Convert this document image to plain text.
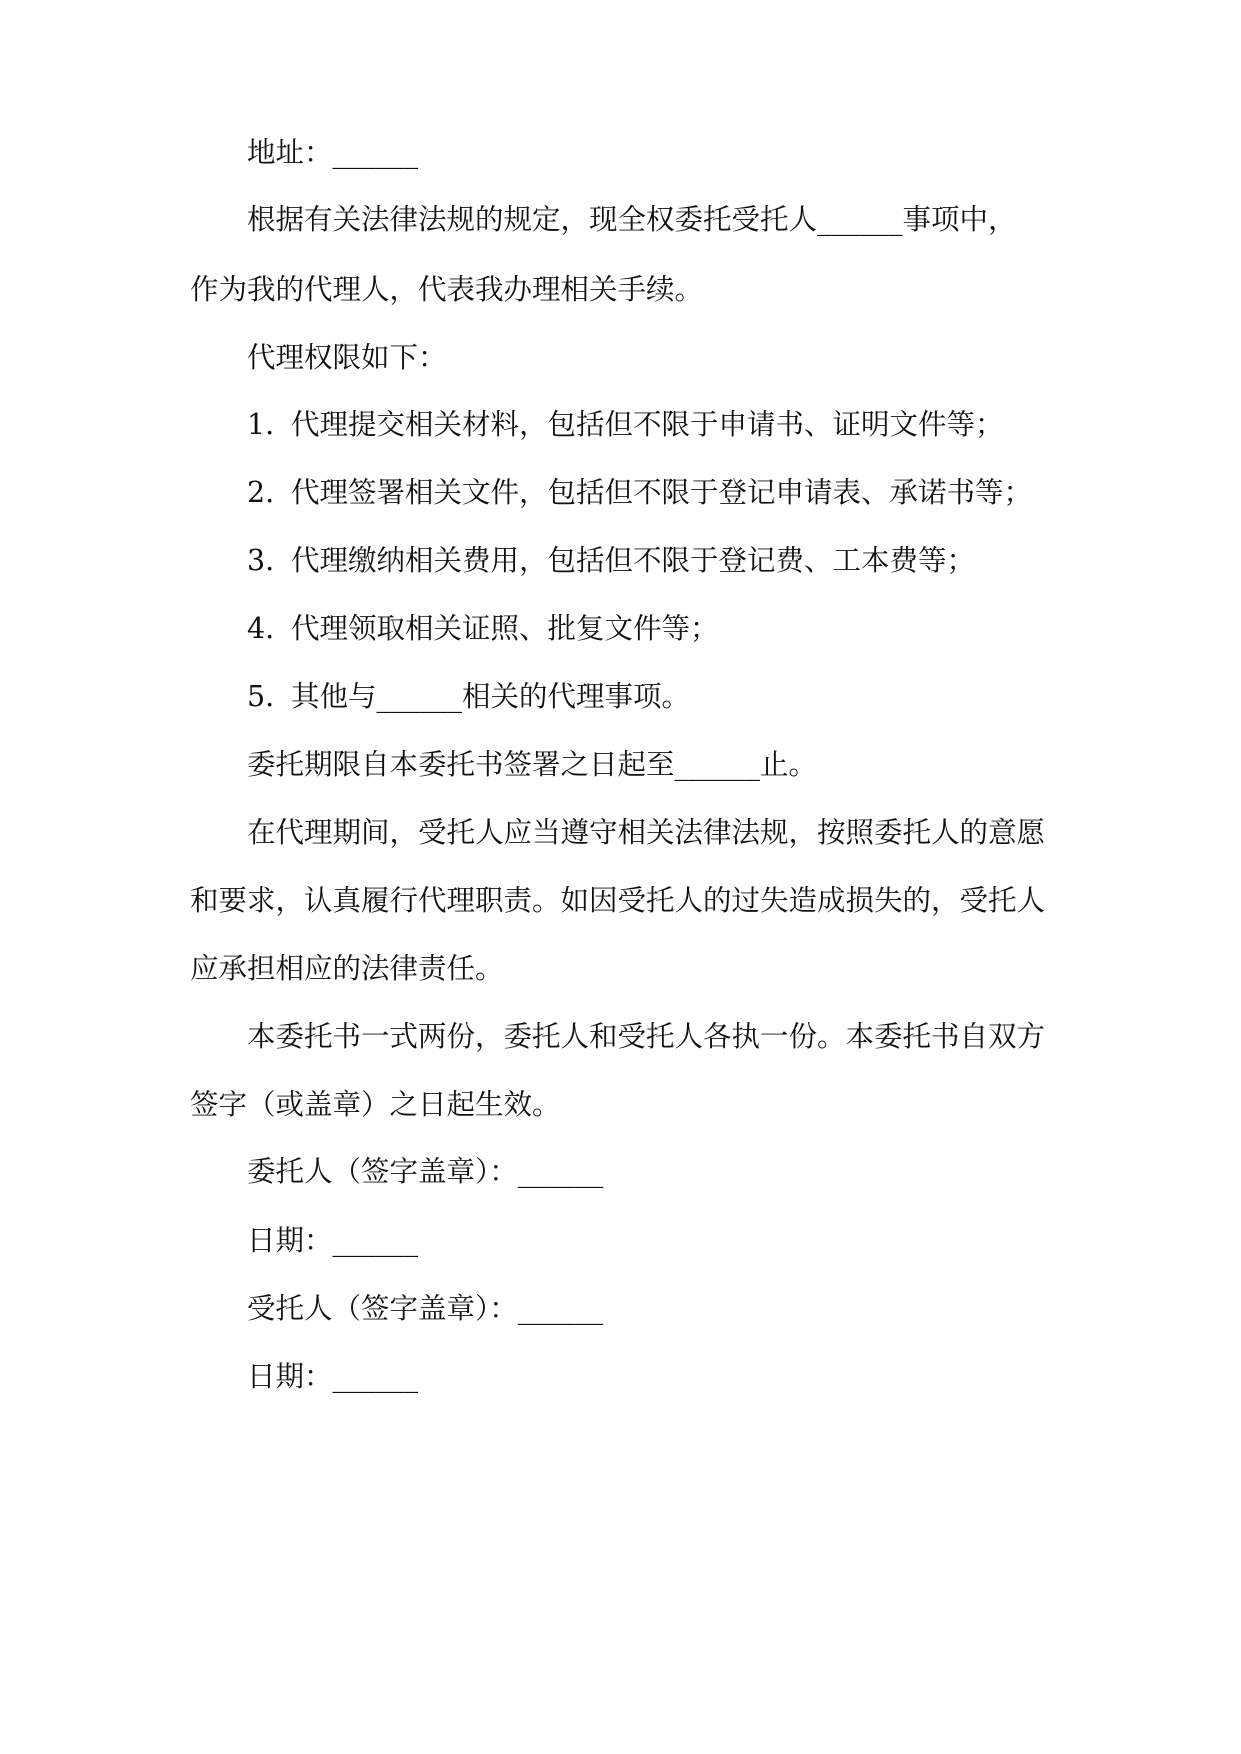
地址：______
根据有关法律法规的规定，现全权委托受托人______事项中，
作为我的代理人，代表我办理相关手续。
代理权限如下：
1. 代理提交相关材料，包括但不限于申请书、证明文件等；
2. 代理签署相关文件，包括但不限于登记申请表、承诺书等；
3. 代理缴纳相关费用，包括但不限于登记费、工本费等；
4. 代理领取相关证照、批复文件等；
5. 其他与______相关的代理事项。
委托期限自本委托书签署之日起至______止。
在代理期间，受托人应当遵守相关法律法规，按照委托人的意愿
和要求，认真履行代理职责。如因受托人的过失造成损失的，受托人
应承担相应的法律责任。
本委托书一式两份，委托人和受托人各执一份。本委托书自双方
签字（或盖章）之日起生效。
委托人（签字盖章）：______
日期：______
受托人（签字盖章）：______
日期：______
